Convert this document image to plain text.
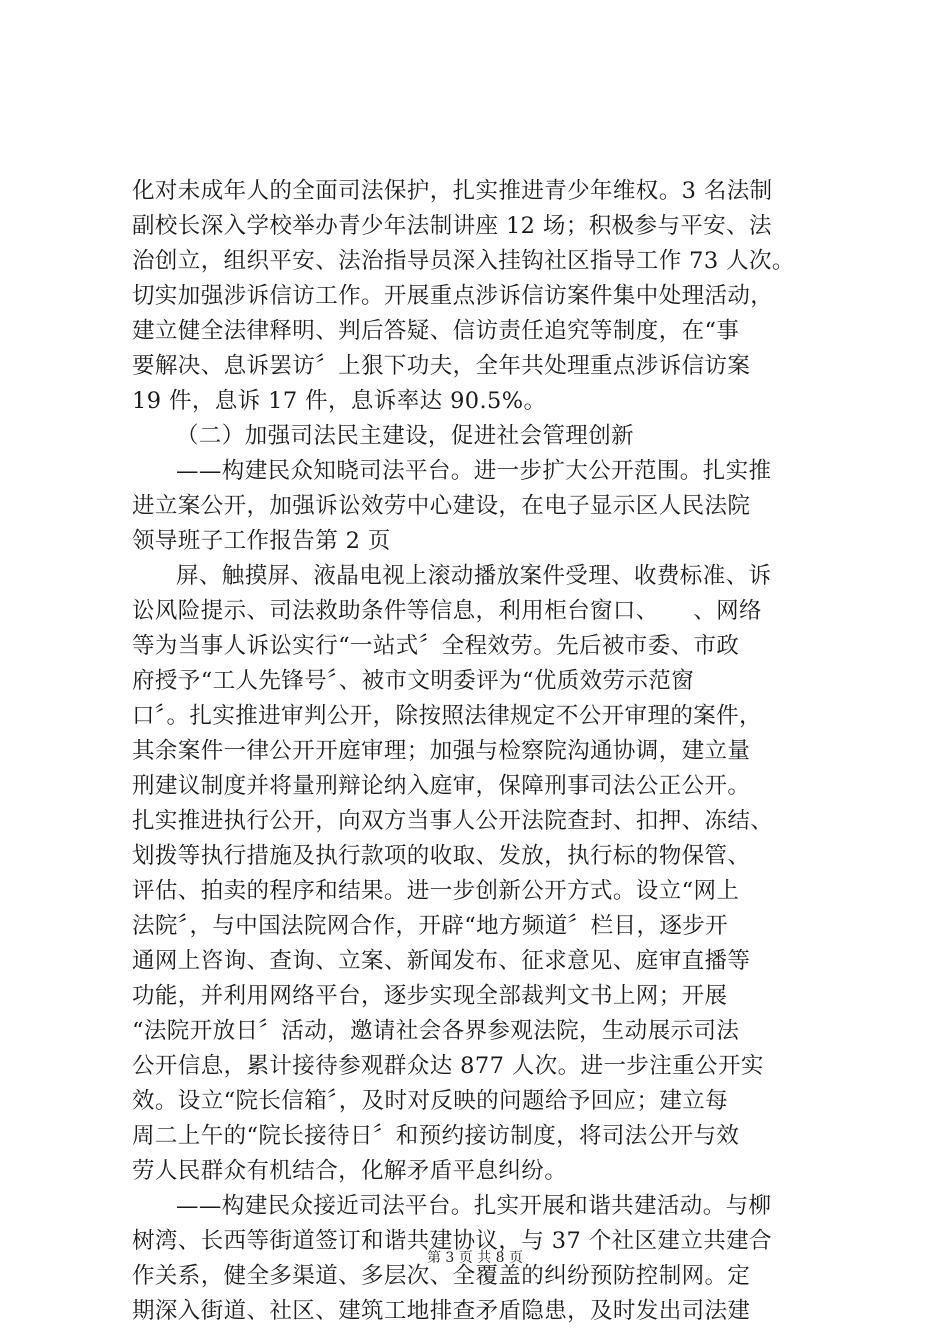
化对未成年人的全面司法保护，扎实推进青少年维权。3 名法制
副校长深入学校举办青少年法制讲座 12 场；积极参与平安、法
治创立，组织平安、法治指导员深入挂钩社区指导工作 73 人次。
切实加强涉诉信访工作。开展重点涉诉信访案件集中处理活动，
建立健全法律释明、判后答疑、信访责任追究等制度，在“事
要解决、息诉罢访〞上狠下功夫，全年共处理重点涉诉信访案
19 件，息诉 17 件，息诉率达 90.5%。
（二）加强司法民主建设，促进社会管理创新
——构建民众知晓司法平台。进一步扩大公开范围。扎实推
进立案公开，加强诉讼效劳中心建设，在电子显示区人民法院
领导班子工作报告第 2 页
屏、触摸屏、液晶电视上滚动播放案件受理、收费标准、诉
讼风险提示、司法救助条件等信息，利用柜台窗口、　　、网络
等为当事人诉讼实行“一站式〞全程效劳。先后被市委、市政
府授予“工人先锋号〞、被市文明委评为“优质效劳示范窗
口〞。扎实推进审判公开，除按照法律规定不公开审理的案件，
其余案件一律公开开庭审理；加强与检察院沟通协调，建立量
刑建议制度并将量刑辩论纳入庭审，保障刑事司法公正公开。
扎实推进执行公开，向双方当事人公开法院查封、扣押、冻结、
划拨等执行措施及执行款项的收取、发放，执行标的物保管、
评估、拍卖的程序和结果。进一步创新公开方式。设立“网上
法院〞，与中国法院网合作，开辟“地方频道〞栏目，逐步开
通网上咨询、查询、立案、新闻发布、征求意见、庭审直播等
功能，并利用网络平台，逐步实现全部裁判文书上网；开展
“法院开放日〞活动，邀请社会各界参观法院，生动展示司法
公开信息，累计接待参观群众达 877 人次。进一步注重公开实
效。设立“院长信箱〞，及时对反映的问题给予回应；建立每
周二上午的“院长接待日〞和预约接访制度，将司法公开与效
劳人民群众有机结合，化解矛盾平息纠纷。
——构建民众接近司法平台。扎实开展和谐共建活动。与柳
树湾、长西等街道签订和谐共建协议，与 37 个社区建立共建合
作关系，健全多渠道、多层次、全覆盖的纠纷预防控制网。定
期深入街道、社区、建筑工地排查矛盾隐患，及时发出司法建
第 3 页 共 8 页
